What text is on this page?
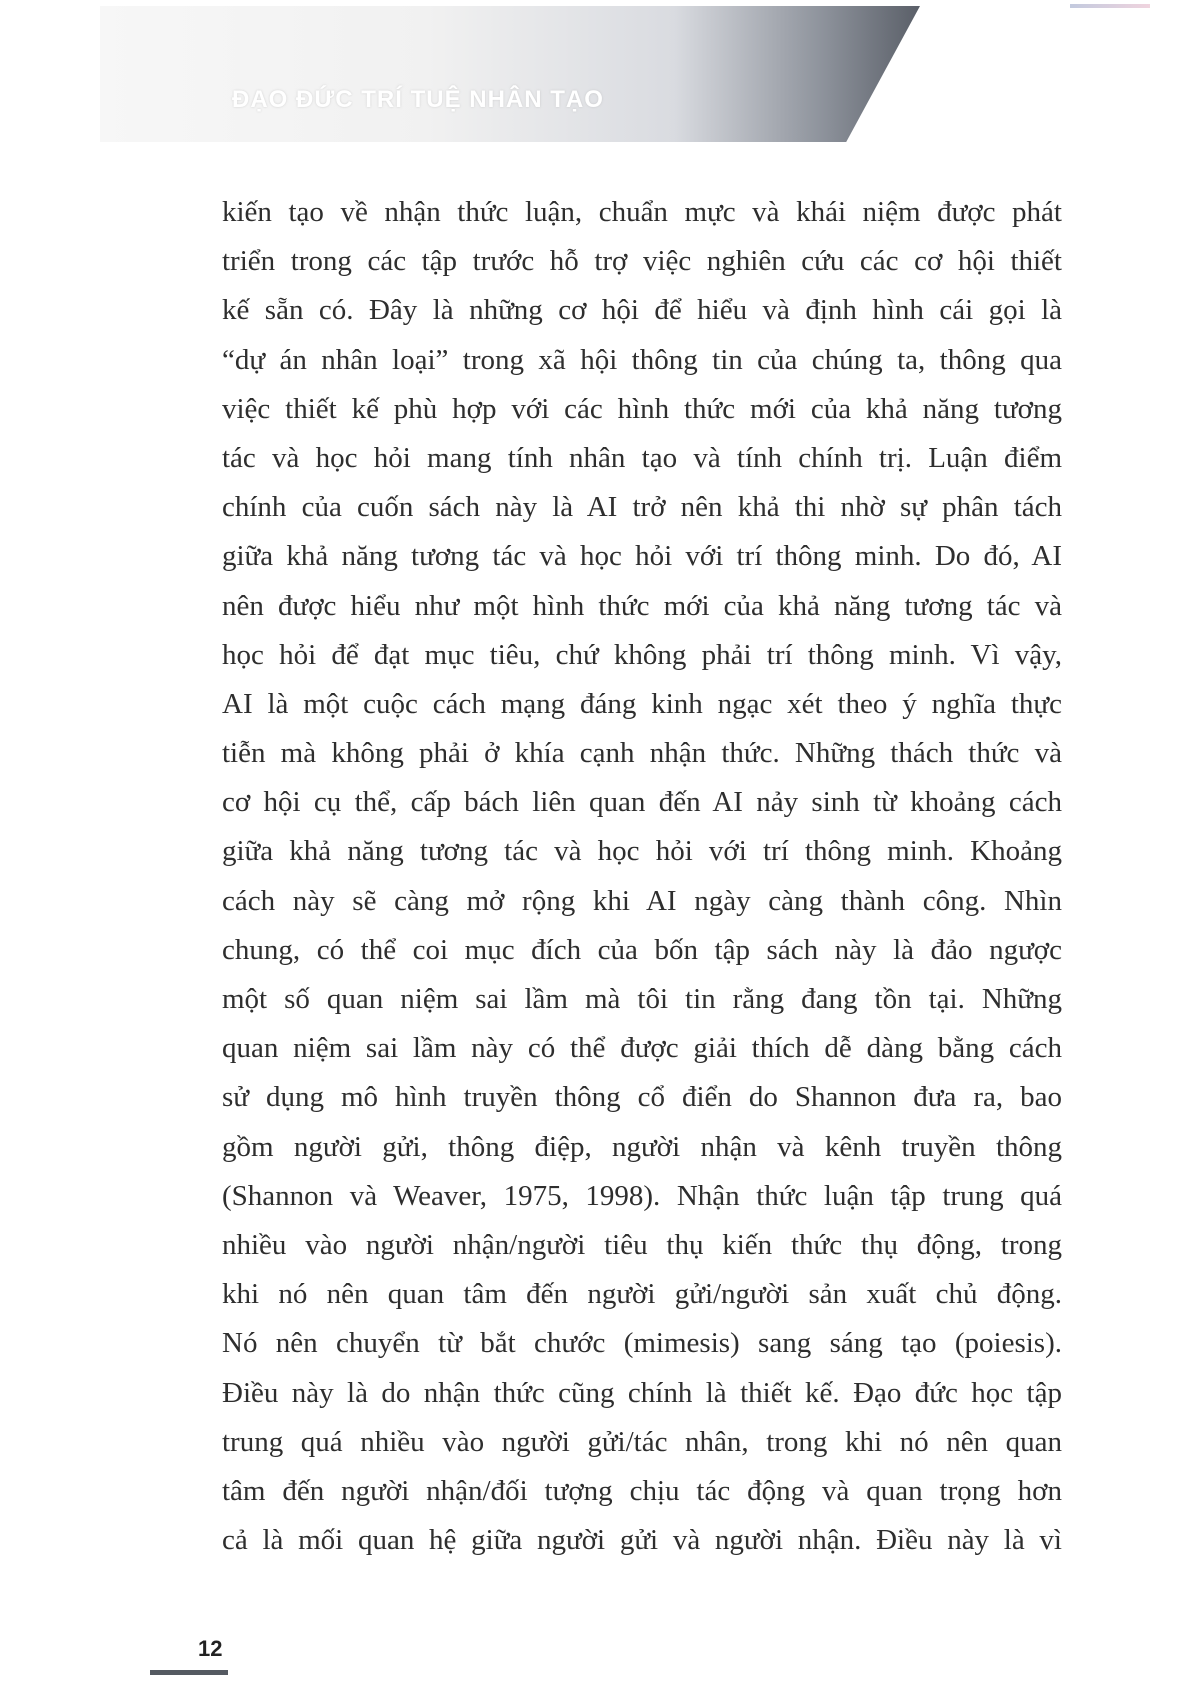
ĐẠO ĐỨC TRÍ TUỆ NHÂN TẠO
kiến tạo về nhận thức luận, chuẩn mực và khái niệm được phát
triển trong các tập trước hỗ trợ việc nghiên cứu các cơ hội thiết
kế sẵn có. Đây là những cơ hội để hiểu và định hình cái gọi là
“dự án nhân loại” trong xã hội thông tin của chúng ta, thông qua
việc thiết kế phù hợp với các hình thức mới của khả năng tương
tác và học hỏi mang tính nhân tạo và tính chính trị. Luận điểm
chính của cuốn sách này là AI trở nên khả thi nhờ sự phân tách
giữa khả năng tương tác và học hỏi với trí thông minh. Do đó, AI
nên được hiểu như một hình thức mới của khả năng tương tác và
học hỏi để đạt mục tiêu, chứ không phải trí thông minh. Vì vậy,
AI là một cuộc cách mạng đáng kinh ngạc xét theo ý nghĩa thực
tiễn mà không phải ở khía cạnh nhận thức. Những thách thức và
cơ hội cụ thể, cấp bách liên quan đến AI nảy sinh từ khoảng cách
giữa khả năng tương tác và học hỏi với trí thông minh. Khoảng
cách này sẽ càng mở rộng khi AI ngày càng thành công. Nhìn
chung, có thể coi mục đích của bốn tập sách này là đảo ngược
một số quan niệm sai lầm mà tôi tin rằng đang tồn tại. Những
quan niệm sai lầm này có thể được giải thích dễ dàng bằng cách
sử dụng mô hình truyền thông cổ điển do Shannon đưa ra, bao
gồm người gửi, thông điệp, người nhận và kênh truyền thông
(Shannon và Weaver, 1975, 1998). Nhận thức luận tập trung quá
nhiều vào người nhận/người tiêu thụ kiến thức thụ động, trong
khi nó nên quan tâm đến người gửi/người sản xuất chủ động.
Nó nên chuyển từ bắt chước (mimesis) sang sáng tạo (poiesis).
Điều này là do nhận thức cũng chính là thiết kế. Đạo đức học tập
trung quá nhiều vào người gửi/tác nhân, trong khi nó nên quan
tâm đến người nhận/đối tượng chịu tác động và quan trọng hơn
cả là mối quan hệ giữa người gửi và người nhận. Điều này là vì
12
